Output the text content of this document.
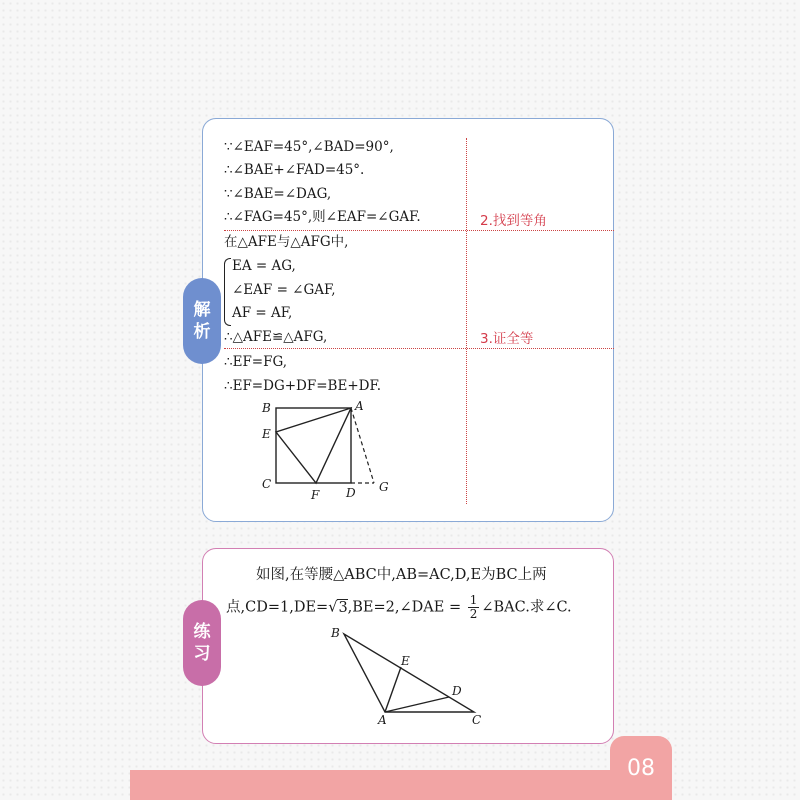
解
析
∵∠EAF=45°,∠BAD=90°,
∴∠BAE+∠FAD=45°.
∵∠BAE=∠DAG,
∴∠FAG=45°,则∠EAF=∠GAF.
在△AFE与△AFG中,
EA = AG,
∠EAF = ∠GAF,
AF = AF,
∴△AFE≌△AFG,
∴EF=FG,
∴EF=DG+DF=BE+DF.
2.找到等角
3.证全等
B	A
E
C
F D G
练
习
如图,在等腰△ABC中,AB=AC,D,E为BC上两
点,CD=1,DE=√3,BE=2,∠DAE = $\frac{1}{2}$ ∠BAC.求∠C.
B
E
D
A	C
08
